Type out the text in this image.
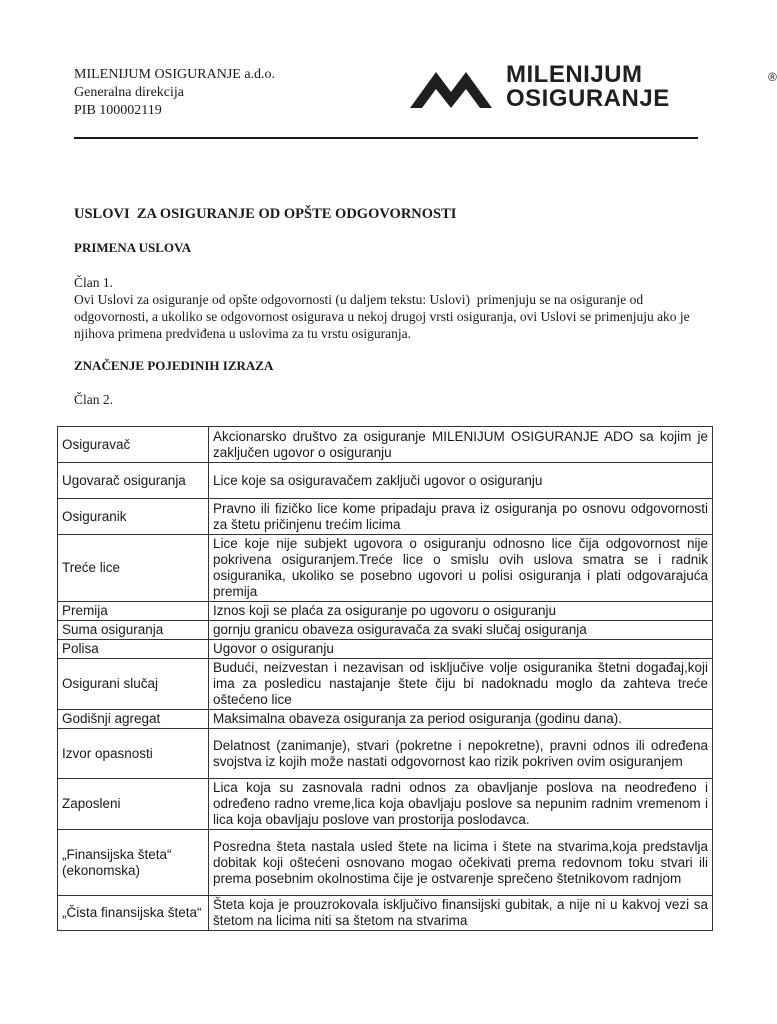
MILENIJUM OSIGURANJE a.d.o.
Generalna direkcija
PIB 100002119
MILENIJUM
OSIGURANJE
®
USLOVI  ZA OSIGURANJE OD OPŠTE ODGOVORNOSTI
PRIMENA USLOVA
Član 1.
Ovi Uslovi za osiguranje od opšte odgovornosti (u daljem tekstu: Uslovi)  primenjuju se na osiguranje od odgovornosti, a ukoliko se odgovornost osigurava u nekoj drugoj vrsti osiguranja, ovi Uslovi se primenjuju ako je njihova primena predviđena u uslovima za tu vrstu osiguranja.
ZNAČENJE POJEDINIH IZRAZA
Član 2.
Osiguravač	Akcionarsko društvo za osiguranje MILENIJUM OSIGURANJE ADO sa kojim je zaključen ugovor o osiguranju
Ugovarač osiguranja	Lice koje sa osiguravačem zaključi ugovor o osiguranju
Osiguranik	Pravno ili fizičko lice kome pripadaju prava iz osiguranja po osnovu odgovornosti za štetu pričinjenu trećim licima
Treće lice	Lice koje nije subjekt ugovora o osiguranju odnosno lice čija odgovornost nije pokrivena osiguranjem.Treće lice o smislu ovih uslova smatra se i radnik osiguranika, ukoliko se posebno ugovori u polisi osiguranja i plati odgovarajuća premija
Premija	Iznos koji se plaća za osiguranje po ugovoru o osiguranju
Suma osiguranja	gornju granicu obaveza osiguravača za svaki slučaj osiguranja
Polisa	Ugovor o osiguranju
Osigurani slučaj	Budući, neizvestan i nezavisan od isključive volje osiguranika štetni događaj,koji ima za posledicu nastajanje štete čiju bi nadoknadu moglo da zahteva treće oštećeno lice
Godišnji agregat	Maksimalna obaveza osiguranja za period osiguranja (godinu dana).
Izvor opasnosti	Delatnost (zanimanje), stvari (pokretne i nepokretne), pravni odnos ili određena svojstva iz kojih može nastati odgovornost kao rizik pokriven ovim osiguranjem
Zaposleni	Lica koja su zasnovala radni odnos za obavljanje poslova na neodređeno i određeno radno vreme,lica koja obavljaju poslove sa nepunim radnim vremenom i lica koja obavljaju poslove van prostorija poslodavca.
„Finansijska šteta“ (ekonomska)	Posredna šteta nastala usled štete na licima i štete na stvarima,koja predstavlja dobitak koji oštećeni osnovano mogao očekivati prema redovnom toku stvari ili prema posebnim okolnostima čije je ostvarenje sprečeno štetnikovom radnjom
„Čista finansijska šteta“	Šteta koja je prouzrokovala isključivo finansijski gubitak, a nije ni u kakvoj vezi sa štetom na licima niti sa štetom na stvarima
